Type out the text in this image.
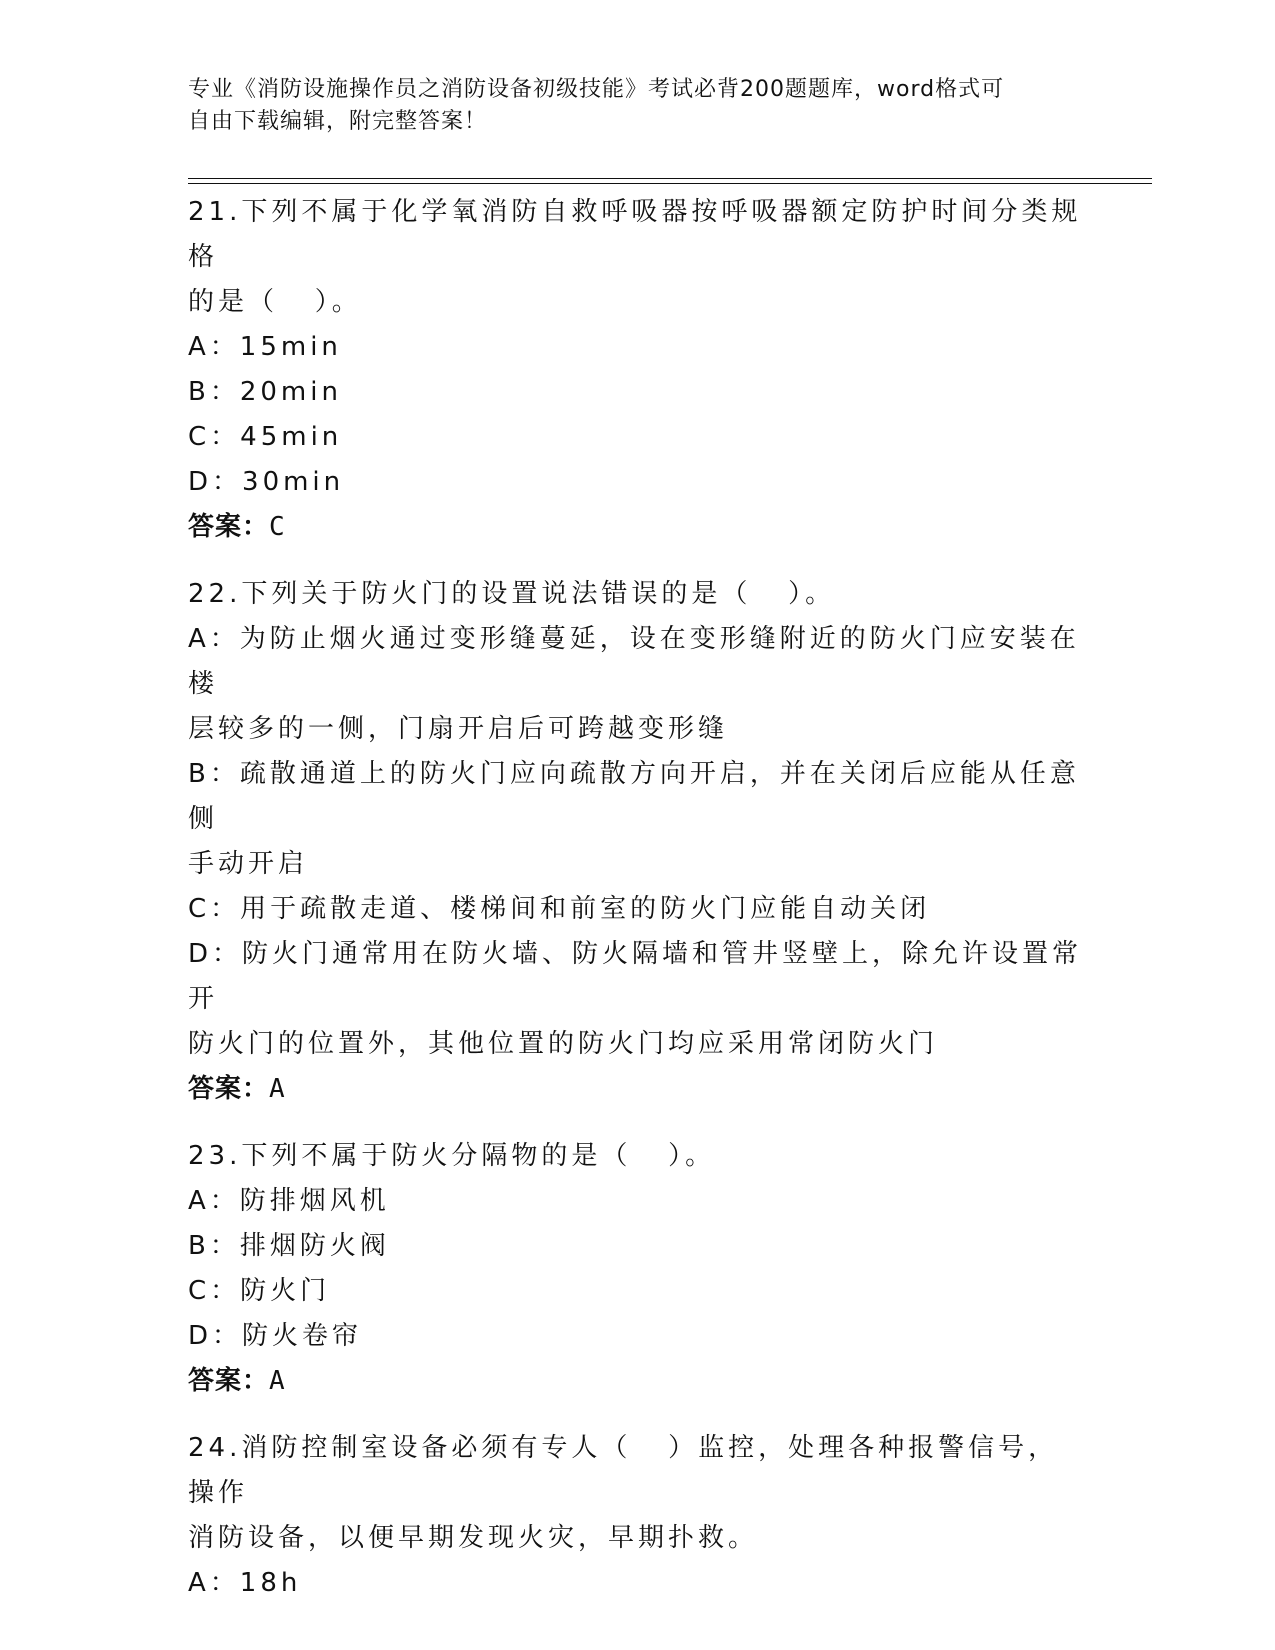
专业《消防设施操作员之消防设备初级技能》考试必背200题题库，word格式可
自由下载编辑，附完整答案！
21.下列不属于化学氧消防自救呼吸器按呼吸器额定防护时间分类规格
的是（   ）。
A：15min
B：20min
C：45min
D：30min
答案：C
22.下列关于防火门的设置说法错误的是（   ）。
A：为防止烟火通过变形缝蔓延，设在变形缝附近的防火门应安装在楼
层较多的一侧，门扇开启后可跨越变形缝
B：疏散通道上的防火门应向疏散方向开启，并在关闭后应能从任意侧
手动开启
C：用于疏散走道、楼梯间和前室的防火门应能自动关闭
D：防火门通常用在防火墙、防火隔墙和管井竖壁上，除允许设置常开
防火门的位置外，其他位置的防火门均应采用常闭防火门
答案：A
23.下列不属于防火分隔物的是（   ）。
A：防排烟风机
B：排烟防火阀
C：防火门
D：防火卷帘
答案：A
24.消防控制室设备必须有专人（   ）监控，处理各种报警信号，操作
消防设备，以便早期发现火灾，早期扑救。
A：18h
